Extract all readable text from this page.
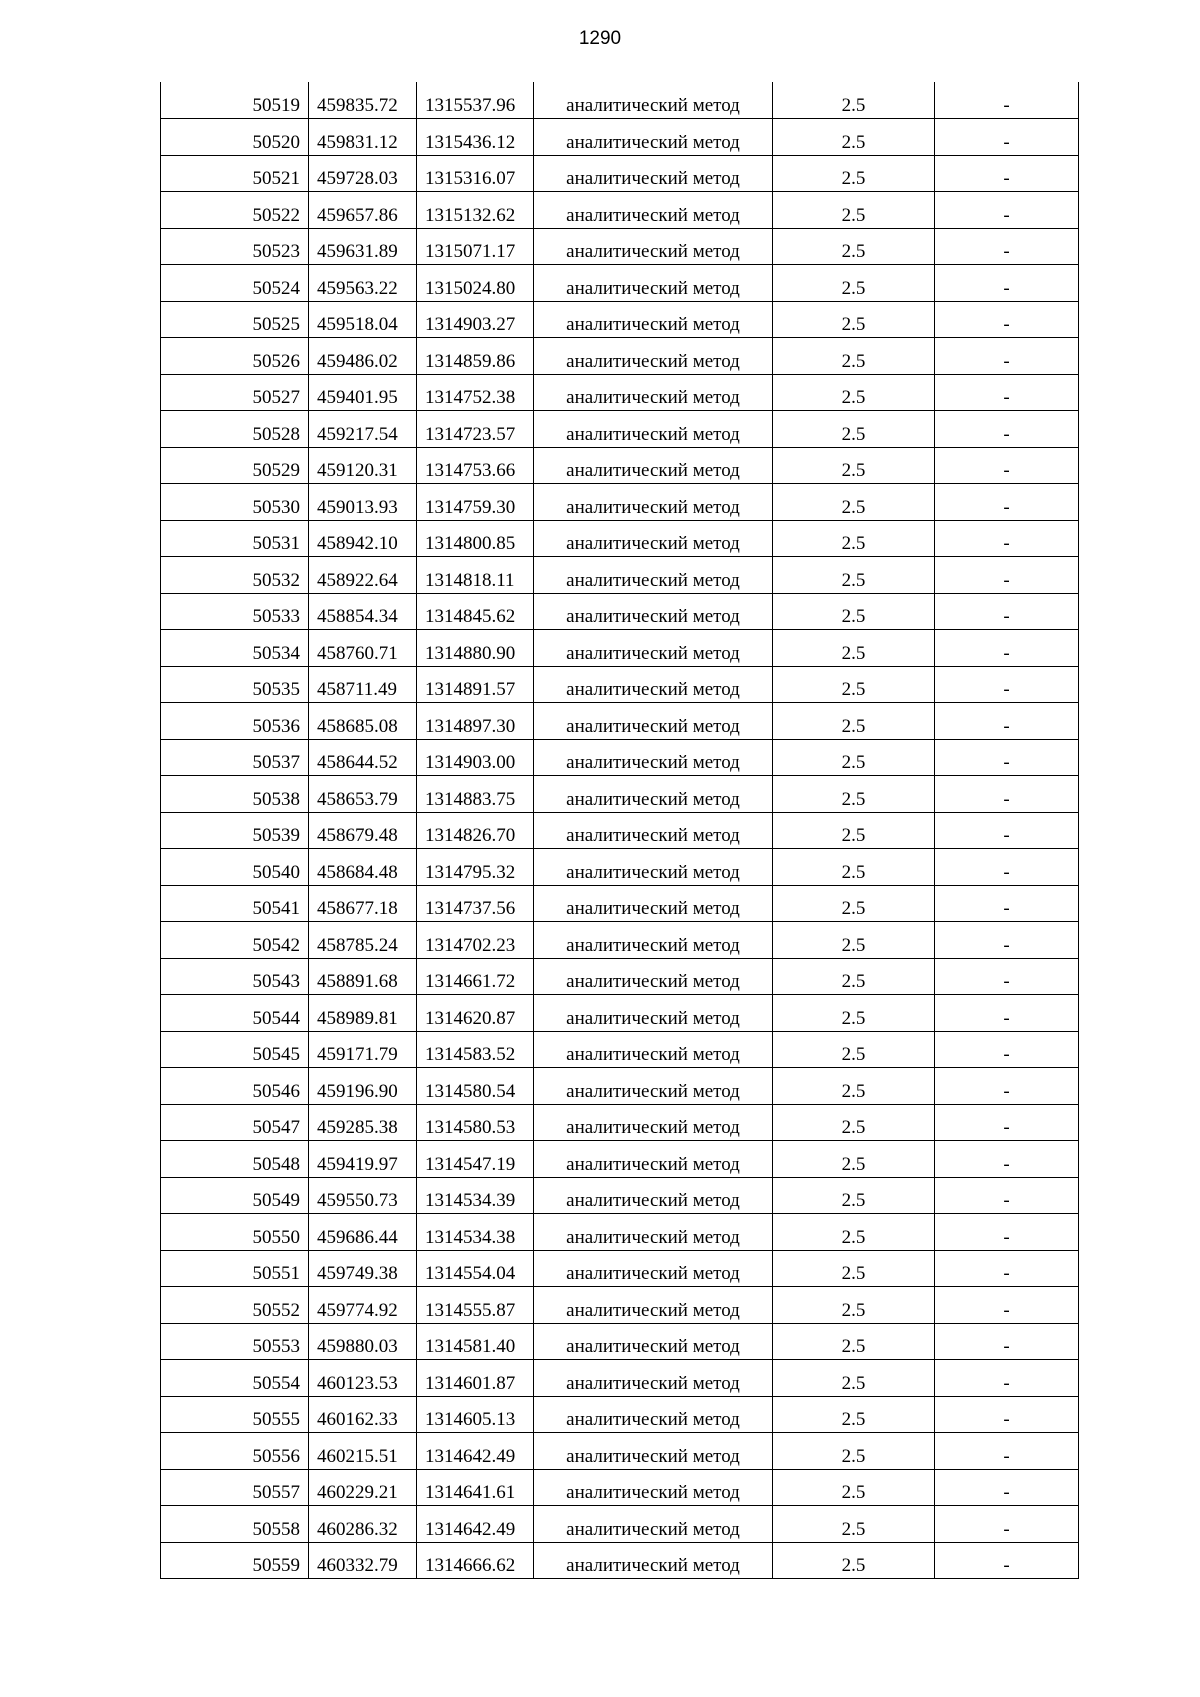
1290
50519	459835.72	1315537.96	аналитический метод	2.5	-
50520	459831.12	1315436.12	аналитический метод	2.5	-
50521	459728.03	1315316.07	аналитический метод	2.5	-
50522	459657.86	1315132.62	аналитический метод	2.5	-
50523	459631.89	1315071.17	аналитический метод	2.5	-
50524	459563.22	1315024.80	аналитический метод	2.5	-
50525	459518.04	1314903.27	аналитический метод	2.5	-
50526	459486.02	1314859.86	аналитический метод	2.5	-
50527	459401.95	1314752.38	аналитический метод	2.5	-
50528	459217.54	1314723.57	аналитический метод	2.5	-
50529	459120.31	1314753.66	аналитический метод	2.5	-
50530	459013.93	1314759.30	аналитический метод	2.5	-
50531	458942.10	1314800.85	аналитический метод	2.5	-
50532	458922.64	1314818.11	аналитический метод	2.5	-
50533	458854.34	1314845.62	аналитический метод	2.5	-
50534	458760.71	1314880.90	аналитический метод	2.5	-
50535	458711.49	1314891.57	аналитический метод	2.5	-
50536	458685.08	1314897.30	аналитический метод	2.5	-
50537	458644.52	1314903.00	аналитический метод	2.5	-
50538	458653.79	1314883.75	аналитический метод	2.5	-
50539	458679.48	1314826.70	аналитический метод	2.5	-
50540	458684.48	1314795.32	аналитический метод	2.5	-
50541	458677.18	1314737.56	аналитический метод	2.5	-
50542	458785.24	1314702.23	аналитический метод	2.5	-
50543	458891.68	1314661.72	аналитический метод	2.5	-
50544	458989.81	1314620.87	аналитический метод	2.5	-
50545	459171.79	1314583.52	аналитический метод	2.5	-
50546	459196.90	1314580.54	аналитический метод	2.5	-
50547	459285.38	1314580.53	аналитический метод	2.5	-
50548	459419.97	1314547.19	аналитический метод	2.5	-
50549	459550.73	1314534.39	аналитический метод	2.5	-
50550	459686.44	1314534.38	аналитический метод	2.5	-
50551	459749.38	1314554.04	аналитический метод	2.5	-
50552	459774.92	1314555.87	аналитический метод	2.5	-
50553	459880.03	1314581.40	аналитический метод	2.5	-
50554	460123.53	1314601.87	аналитический метод	2.5	-
50555	460162.33	1314605.13	аналитический метод	2.5	-
50556	460215.51	1314642.49	аналитический метод	2.5	-
50557	460229.21	1314641.61	аналитический метод	2.5	-
50558	460286.32	1314642.49	аналитический метод	2.5	-
50559	460332.79	1314666.62	аналитический метод	2.5	-
